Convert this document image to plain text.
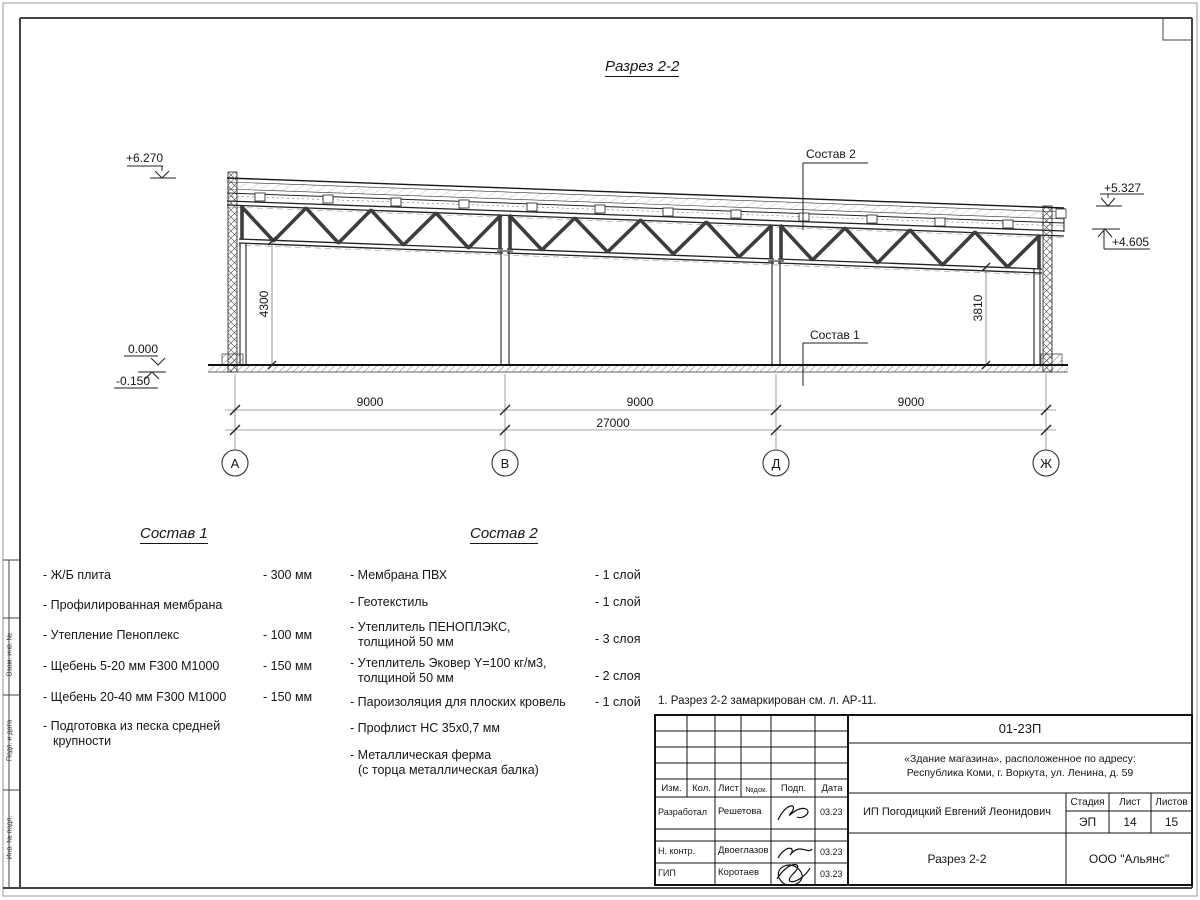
Разрез 2-2
+6.270
+5.327
+4.605
0.000
-0.150
Состав 2
Состав 1
9000	9000	9000
27000
4300	3810
А	В	Д	Ж
Состав 1
- Ж/Б плита	- 300 мм
- Профилированная мембрана
- Утепление Пеноплекс	- 100 мм
- Щебень 5-20 мм F300 М1000	- 150 мм
- Щебень 20-40 мм F300 М1000	- 150 мм
- Подготовка из песка средней
крупности
Состав 2
- Мембрана ПВХ	- 1 слой
- Геотекстиль	- 1 слой
- Утеплитель ПЕНОПЛЭКС,
толщиной 50 мм	- 3 слоя
- Утеплитель Эковер Y=100 кг/м3,
толщиной 50 мм	- 2 слоя
- Пароизоляция для плоских кровель - 1 слой
- Профлист НС 35х0,7 мм
- Металлическая ферма
(с торца металлическая балка)
1. Разрез 2-2 замаркирован см. л. АР-11.
01-23П
«Здание магазина», расположенное по адресу:
Республика Коми, г. Воркута, ул. Ленина, д. 59
Изм.	Кол. Лист №док.	Подп.	Дата
Разработал Решетова	03.23
Н. контр. Двоеглазов	03.23
ГИП	Коротаев	03.23
ИП Погодицкий Евгений Леонидович
Стадия	Лист	Листов
ЭП	14	15
Разрез 2-2	ООО "Альянс"
Взам. инв. №
Подп. и дата
Инв. № подл.
